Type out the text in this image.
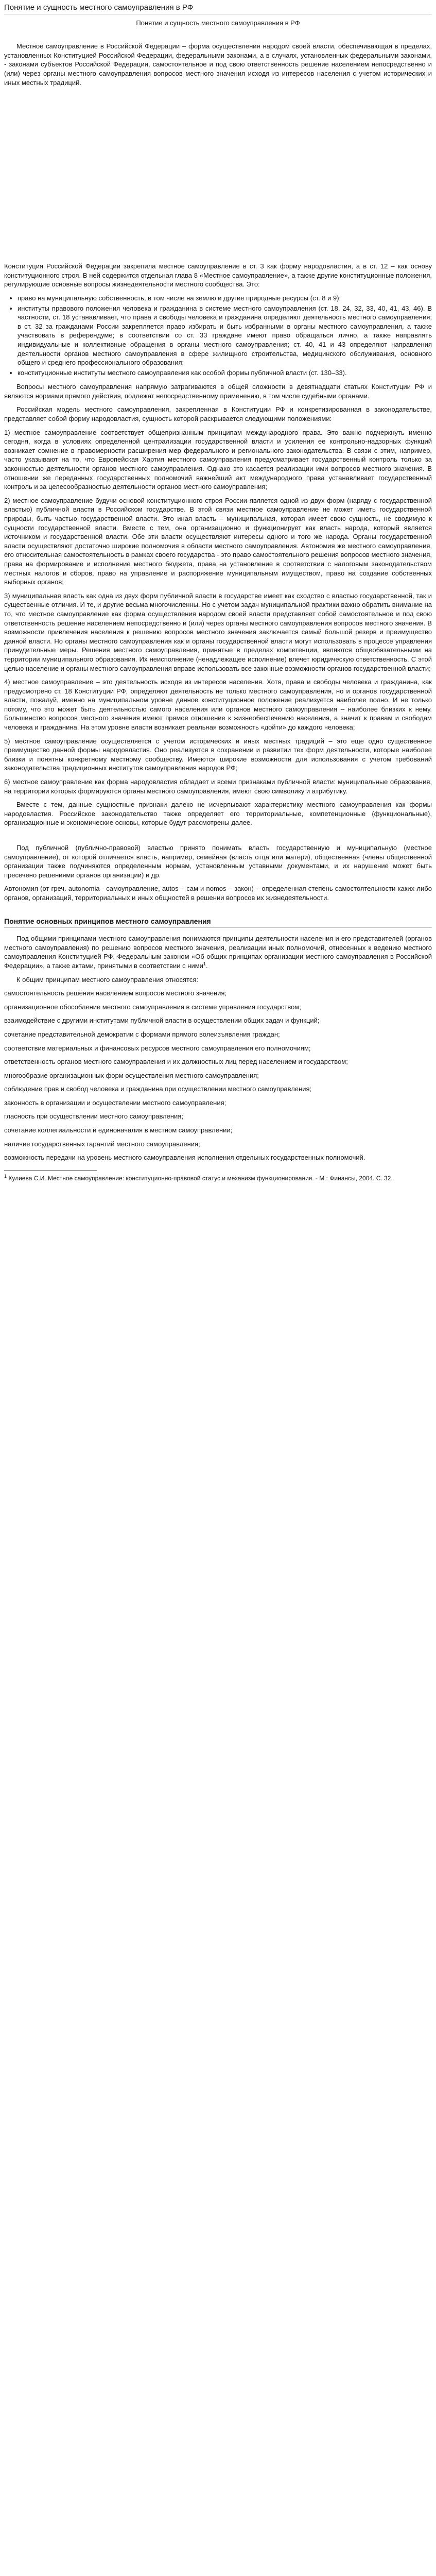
Понятие и сущность местного самоуправления в РФ
Понятие и сущность местного самоуправления в РФ

Местное самоуправление в Российской Федерации – форма осуществления народом своей власти, обеспечивающая в пределах, установленных Конституцией Российской Федерации, федеральными законами, а в случаях, установленных федеральными законами, - законами субъектов Российской Федерации, самостоятельное и под свою ответственность решение населением непосредственно и (или) через органы местного самоуправления вопросов местного значения исходя из интересов населения с учетом исторических и иных местных традиций.

Конституция Российской Федерации закрепила местное самоуправление в ст. 3 как форму народовластия, а в ст. 12 – как основу конституционного строя. В ней содержится отдельная глава 8 «Местное самоуправление», а также другие конституционные положения, регулирующие основные вопросы жизнедеятельности местного сообщества. Это:

• право на муниципальную собственность, в том числе на землю и другие природные ресурсы (ст. 8 и 9);
• институты правового положения человека и гражданина в системе местного самоуправления (ст. 18, 24, 32, 33, 40, 41, 43, 46). В частности, ст. 18 устанавливает, что права и свободы человека и гражданина определяют деятельность местного самоуправления; в ст. 32 за гражданами России закрепляется право избирать и быть избранными в органы местного самоуправления, а также участвовать в референдуме; в соответствии со ст. 33 граждане имеют право обращаться лично, а также направлять индивидуальные и коллективные обращения в органы местного самоуправления; ст. 40, 41 и 43 определяют направления деятельности органов местного самоуправления в сфере жилищного строительства, медицинского обслуживания, основного общего и среднего профессионального образования;
• конституционные институты местного самоуправления как особой формы публичной власти (ст. 130–33).

Вопросы местного самоуправления напрямую затрагиваются в общей сложности в девятнадцати статьях Конституции РФ и являются нормами прямого действия, подлежат непосредственному применению, в том числе судебными органами.

Российская модель местного самоуправления, закрепленная в Конституции РФ и конкретизированная в законодательстве, представляет собой форму народовластия, сущность которой раскрывается следующими положениями:

1) местное самоуправление соответствует общепризнанным принципам международного права. Это важно подчеркнуть именно сегодня, когда в условиях определенной централизации государственной власти и усиления ее контрольно-надзорных функций возникает сомнение в правомерности расширения мер федерального и регионального законодательства. В связи с этим, например, часто указывают на то, что Европейская Хартия местного самоуправления предусматривает государственный контроль только за законностью деятельности органов местного самоуправления. Однако это касается реализации ими вопросов местного значения. В отношении же переданных государственных полномочий важнейший акт международного права устанавливает государственный контроль и за целесообразностью деятельности органов местного самоуправления;

2) местное самоуправление будучи основой конституционного строя России является одной из двух форм (наряду с государственной властью) публичной власти в Российском государстве. В этой связи местное самоуправление не может иметь государственной природы, быть частью государственной власти. Это иная власть – муниципальная, которая имеет свою сущность, не сводимую к сущности государственной власти. Вместе с тем, она организационно и функционирует как власть народа, который является источником и государственной власти. Обе эти власти осуществляют интересы одного и того же народа. Органы государственной власти осуществляют достаточно широкие полномочия в области местного самоуправления. Автономия же местного самоуправления, его относительная самостоятельность в рамках своего государства - это право самостоятельного решения вопросов местного значения, права на формирование и исполнение местного бюджета, права на установление в соответствии с налоговым законодательством местных налогов и сборов, право на управление и распоряжение муниципальным имуществом, право на создание собственных выборных органов;

3) муниципальная власть как одна из двух форм публичной власти в государстве имеет как сходство с властью государственной, так и существенные отличия. И те, и другие весьма многочисленны. Но с учетом задач муниципальной практики важно обратить внимание на то, что местное самоуправление как форма осуществления народом своей власти представляет собой самостоятельное и под свою ответственность решение населением непосредственно и (или) через органы местного самоуправления вопросов местного значения. В возможности привлечения населения к решению вопросов местного значения заключается самый большой резерв и преимущество данной власти. Но органы местного самоуправления как и органы государственной власти могут использовать в процессе управления принудительные меры. Решения местного самоуправления, принятые в пределах компетенции, являются общеобязательными на территории муниципального образования. Их неисполнение (ненадлежащее исполнение) влечет юридическую ответственность. С этой целью население и органы местного самоуправления вправе использовать все законные возможности органов государственной власти;

4) местное самоуправление – это деятельность исходя из интересов населения. Хотя, права и свободы человека и гражданина, как предусмотрено ст. 18 Конституции РФ, определяют деятельность не только местного самоуправления, но и органов государственной власти, пожалуй, именно на муниципальном уровне данное конституционное положение реализуется наиболее полно. И не только потому, что это может быть деятельностью самого населения или органов местного самоуправления – наиболее близких к нему. Большинство вопросов местного значения имеют прямое отношение к жизнеобеспечению населения, а значит к правам и свободам человека и гражданина. На этом уровне власти возникает реальная возможность «дойти» до каждого человека;

5) местное самоуправление осуществляется с учетом исторических и иных местных традиций – это еще одно существенное преимущество данной формы народовластия. Оно реализуется в сохранении и развитии тех форм деятельности, которые наиболее близки и понятны конкретному местному сообществу. Имеются широкие возможности для использования с учетом требований законодательства традиционных институтов самоуправления народов РФ;

6) местное самоуправление как форма народовластия обладает и всеми признаками публичной власти: муниципальные образования, на территории которых формируются органы местного самоуправления, имеют свою символику и атрибутику.

Вместе с тем, данные сущностные признаки далеко не исчерпывают характеристику местного самоуправления как формы народовластия. Российское законодательство также определяет его территориальные, компетенционные (функциональные), организационные и экономические основы, которые будут рассмотрены далее.

Под публичной (публично-правовой) властью принято понимать власть государственную и муниципальную (местное самоуправление), от которой отличается власть, например, семейная (власть отца или матери), общественная (члены общественной организации также подчиняются определенным нормам, установленным уставными документами, и их нарушение может быть пресечено решениями органов организации) и др.

Автономия (от греч. autonomia - самоуправление, autos – сам и nomos – закон) – определенная степень самостоятельности каких-либо органов, организаций, территориальных и иных общностей в решении вопросов их жизнедеятельности.

Понятие основных принципов местного самоуправления

Под общими принципами местного самоуправления понимаются принципы деятельности населения и его представителей (органов местного самоуправления) по решению вопросов местного значения, реализации иных полномочий, отнесенных к ведению местного самоуправления Конституцией РФ, Федеральным законом «Об общих принципах организации местного самоуправления в Российской Федерации», а также актами, принятыми в соответствии с ними$^1$.

К общим принципам местного самоуправления относятся:

самостоятельность решения населением вопросов местного значения;

организационное обособление местного самоуправления в системе управления государством;

взаимодействие с другими институтами публичной власти в осуществлении общих задач и функций;

сочетание представительной демократии с формами прямого волеизъявления граждан;

соответствие материальных и финансовых ресурсов местного самоуправления его полномочиям;

ответственность органов местного самоуправления и их должностных лиц перед населением и государством;

многообразие организационных форм осуществления местного самоуправления;

соблюдение прав и свобод человека и гражданина при осуществлении местного самоуправления;

законность в организации и осуществлении местного самоуправления;

гласность при осуществлении местного самоуправления;

сочетание коллегиальности и единоначалия в местном самоуправлении;

наличие государственных гарантий местного самоуправления;

возможность передачи на уровень местного самоуправления исполнения отдельных государственных полномочий.

$^1$ Кулиева С.И. Местное самоуправление: конституционно-правовой статус и механизм функционирования. - М.: Финансы, 2004. С. 32.
